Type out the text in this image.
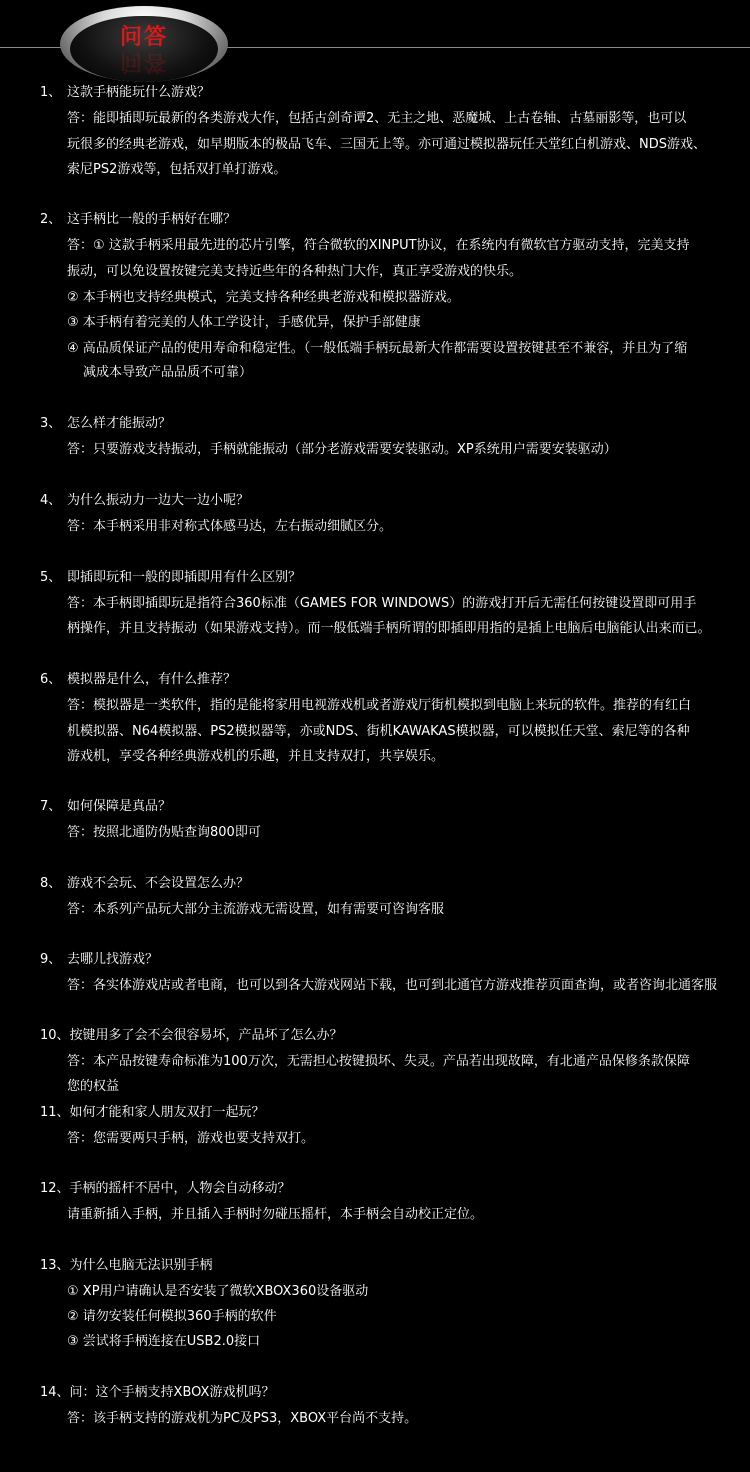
问答
问答
1、 这款手柄能玩什么游戏？
答：能即插即玩最新的各类游戏大作，包括古剑奇谭2、无主之地、恶魔城、上古卷轴、古墓丽影等，也可以
玩很多的经典老游戏，如早期版本的极品飞车、三国无上等。亦可通过模拟器玩任天堂红白机游戏、NDS游戏、
索尼PS2游戏等，包括双打单打游戏。
2、 这手柄比一般的手柄好在哪？
答：① 这款手柄采用最先进的芯片引擎，符合微软的XINPUT协议，在系统内有微软官方驱动支持，完美支持
振动，可以免设置按键完美支持近些年的各种热门大作，真正享受游戏的快乐。
② 本手柄也支持经典模式，完美支持各种经典老游戏和模拟器游戏。
③ 本手柄有着完美的人体工学设计，手感优异，保护手部健康
④ 高品质保证产品的使用寿命和稳定性。（一般低端手柄玩最新大作都需要设置按键甚至不兼容，并且为了缩
减成本导致产品品质不可靠）
3、 怎么样才能振动？
答：只要游戏支持振动，手柄就能振动（部分老游戏需要安装驱动。XP系统用户需要安装驱动）
4、 为什么振动力一边大一边小呢？
答：本手柄采用非对称式体感马达，左右振动细腻区分。
5、 即插即玩和一般的即插即用有什么区别？
答：本手柄即插即玩是指符合360标准（GAMES FOR WINDOWS）的游戏打开后无需任何按键设置即可用手
柄操作，并且支持振动（如果游戏支持）。而一般低端手柄所谓的即插即用指的是插上电脑后电脑能认出来而已。
6、 模拟器是什么，有什么推荐？
答：模拟器是一类软件，指的是能将家用电视游戏机或者游戏厅街机模拟到电脑上来玩的软件。推荐的有红白
机模拟器、N64模拟器、PS2模拟器等，亦或NDS、街机KAWAKAS模拟器，可以模拟任天堂、索尼等的各种
游戏机，享受各种经典游戏机的乐趣，并且支持双打，共享娱乐。
7、 如何保障是真品？
答：按照北通防伪贴查询800即可
8、 游戏不会玩、不会设置怎么办？
答：本系列产品玩大部分主流游戏无需设置，如有需要可咨询客服
9、 去哪儿找游戏？
答：各实体游戏店或者电商，也可以到各大游戏网站下载，也可到北通官方游戏推荐页面查询，或者咨询北通客服
10、按键用多了会不会很容易坏，产品坏了怎么办？
答：本产品按键寿命标准为100万次，无需担心按键损坏、失灵。产品若出现故障，有北通产品保修条款保障
您的权益
11、如何才能和家人朋友双打一起玩？
答：您需要两只手柄，游戏也要支持双打。
12、手柄的摇杆不居中，人物会自动移动？
请重新插入手柄，并且插入手柄时勿碰压摇杆，本手柄会自动校正定位。
13、为什么电脑无法识别手柄
① XP用户请确认是否安装了微软XBOX360设备驱动
② 请勿安装任何模拟360手柄的软件
③ 尝试将手柄连接在USB2.0接口
14、问：这个手柄支持XBOX游戏机吗？
答：该手柄支持的游戏机为PC及PS3，XBOX平台尚不支持。
